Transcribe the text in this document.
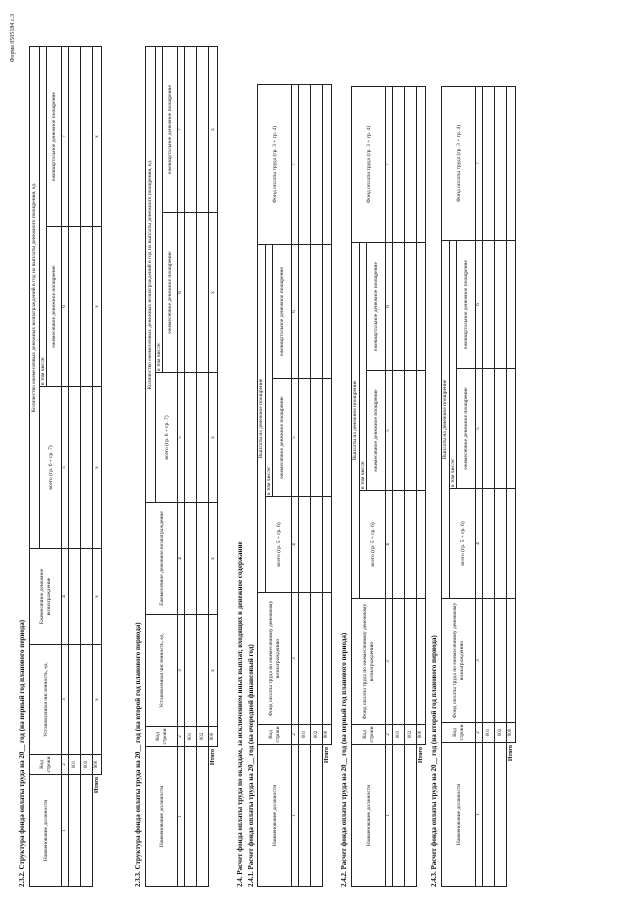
Форма 0505184 с.3
2.3.2. Структура фонда оплаты труда на 20__ год (на первый год планового периода)	Наименование должности	Код строки	Установленная численность, ед.	Ежемесячное денежное вознаграждение	Количество ежемесячных денежных вознаграждений в год на выплаты денежного поощрения, ед.		
				всего (гр. 6 + гр. 7)	в том числе:	
					ежемесячное денежное поощрение	ежеквартальное денежное поощрение
1	2	3	4	5	6	7
	001					
	002					
Итого	900	x	x	x	x	x
2.3.3. Структура фонда оплаты труда на 20__ год (на второй год планового периода)	Наименование должности	Код строки	Установленная численность, ед.	Ежемесячное денежное вознаграждение	Количество ежемесячных денежных вознаграждений в год на выплаты денежного поощрения, ед.		
				всего (гр. 6 + гр. 7)	в том числе:	
					ежемесячное денежное поощрение	ежеквартальное денежное поощрение
1	2	3	4	5	6	7
	001					
	002					
Итого	900	x	x	x	x	x
2.4. Расчет фонда оплаты труда по окладам, за исключением иных выплат, входящих в денежное содержание 2.4.1. Расчет фонда оплаты труда на 20__ год (на очередной финансовый год)	Наименование должности	Код строки	Фонд оплаты труда по ежемесячному денежному вознаграждению	Выплаты на денежное поощрение			Фонд оплаты труда (гр. 3 + гр. 4)
			всего (гр. 5 + гр. 6)	в том числе:		
				ежемесячное денежное поощрение	ежеквартальное денежное поощрение	
1	2	3	4	5	6	7
	001					
	002					
Итого	900					2.4.2. Расчет фонда оплаты труда на 20__ год (на первый год планового периода)	Наименование должности	Код строки	Фонд оплаты труда по ежемесячному денежному вознаграждению	Выплаты на денежное поощрение			Фонд оплаты труда (гр. 3 + гр. 4)
			всего (гр. 5 + гр. 6)	в том числе:		
				ежемесячное денежное поощрение	ежеквартальное денежное поощрение	
1	2	3	4	5	6	7
	001					
	002					
Итого	900					2.4.3. Расчет фонда оплаты труда на 20__ год (на второй год планового периода)	Наименование должности	Код строки	Фонд оплаты труда по ежемесячному денежному вознаграждению	Выплаты на денежное поощрение			Фонд оплаты труда (гр. 3 + гр. 4)
			всего (гр. 5 + гр. 6)	в том числе:		
				ежемесячное денежное поощрение	ежеквартальное денежное поощрение	
1	2	3	4	5	6	7
	001					
	002					
Итого	900					
